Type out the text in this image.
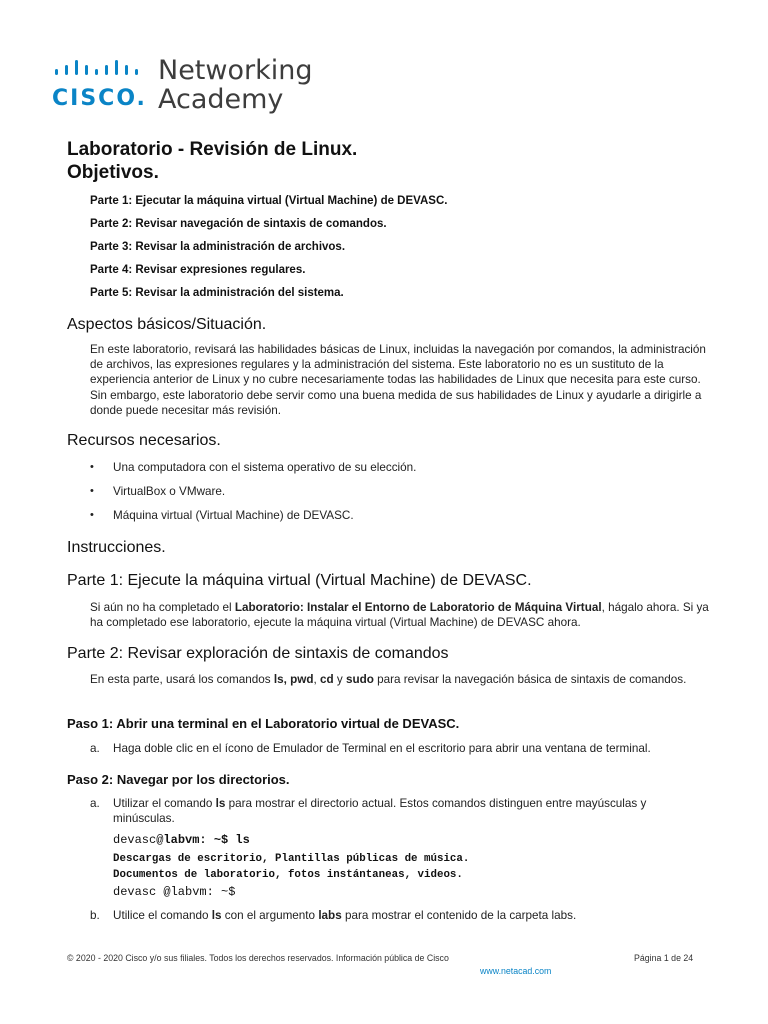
CISCO.
Networking
Academy
Laboratorio - Revisión de Linux.
Objetivos.
Parte 1: Ejecutar la máquina virtual (Virtual Machine) de DEVASC.
Parte 2: Revisar navegación de sintaxis de comandos.
Parte 3: Revisar la administración de archivos.
Parte 4: Revisar expresiones regulares.
Parte 5: Revisar la administración del sistema.
Aspectos básicos/Situación.

En este laboratorio, revisará las habilidades básicas de Linux, incluidas la navegación por comandos, la administración de archivos, las expresiones regulares y la administración del sistema. Este laboratorio no es un sustituto de la experiencia anterior de Linux y no cubre necesariamente todas las habilidades de Linux que necesita para este curso. Sin embargo, este laboratorio debe servir como una buena medida de sus habilidades de Linux y ayudarle a dirigirle a donde puede necesitar más revisión.

Recursos necesarios.
• Una computadora con el sistema operativo de su elección.
• VirtualBox o VMware.
• Máquina virtual (Virtual Machine) de DEVASC.
Instrucciones.
Parte 1: Ejecute la máquina virtual (Virtual Machine) de DEVASC.

Si aún no ha completado el Laboratorio: Instalar el Entorno de Laboratorio de Máquina Virtual, hágalo ahora. Si ya ha completado ese laboratorio, ejecute la máquina virtual (Virtual Machine) de DEVASC ahora.

Parte 2: Revisar exploración de sintaxis de comandos

En esta parte, usará los comandos ls, pwd, cd y sudo para revisar la navegación básica de sintaxis de comandos.

Paso 1: Abrir una terminal en el Laboratorio virtual de DEVASC.
a. Haga doble clic en el ícono de Emulador de Terminal en el escritorio para abrir una ventana de terminal.
Paso 2: Navegar por los directorios.
a. Utilizar el comando ls para mostrar el directorio actual. Estos comandos distinguen entre mayúsculas y minúsculas.
devasc@labvm: ~$ ls
Descargas de escritorio, Plantillas públicas de música.
Documentos de laboratorio, fotos instántaneas, videos.
devasc @labvm: ~$
b. Utilice el comando ls con el argumento labs para mostrar el contenido de la carpeta labs.
© 2020 - 2020 Cisco y/o sus filiales. Todos los derechos reservados. Información pública de Cisco	Página 1 de 24
www.netacad.com
